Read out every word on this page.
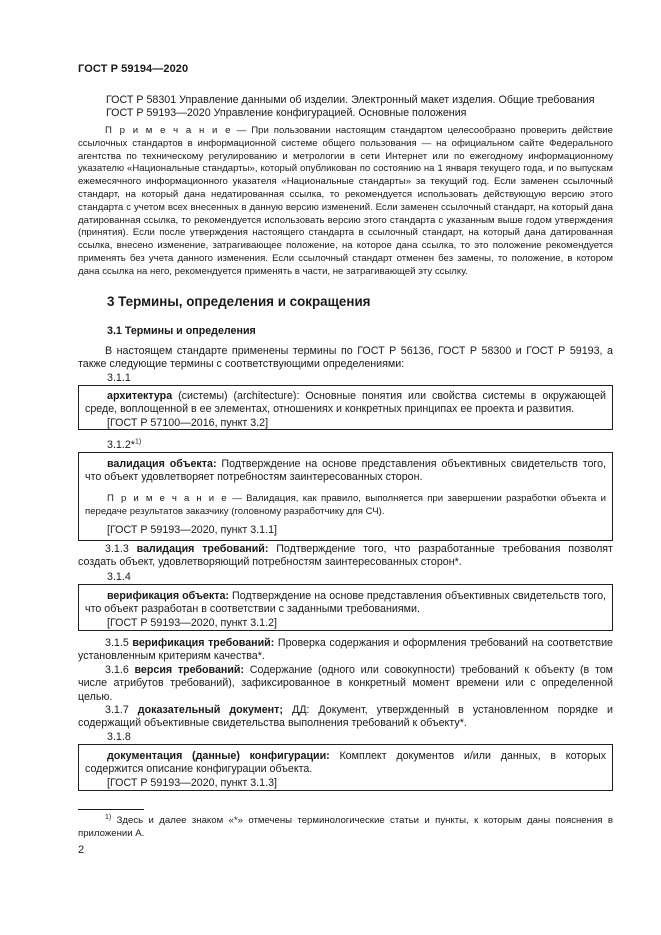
ГОСТ Р 59194—2020
ГОСТ Р 58301 Управление данными об изделии. Электронный макет изделия. Общие требования
ГОСТ Р 59193—2020 Управление конфигурацией. Основные положения
П р и м е ч а н и е — При пользовании настоящим стандартом целесообразно проверить действие ссылочных стандартов в информационной системе общего пользования — на официальном сайте Федерального агентства по техническому регулированию и метрологии в сети Интернет или по ежегодному информационному указателю «Национальные стандарты», который опубликован по состоянию на 1 января текущего года, и по выпускам ежемесячного информационного указателя «Национальные стандарты» за текущий год. Если заменен ссылочный стандарт, на который дана недатированная ссылка, то рекомендуется использовать действующую версию этого стандарта с учетом всех внесенных в данную версию изменений. Если заменен ссылочный стандарт, на который дана датированная ссылка, то рекомендуется использовать версию этого стандарта с указанным выше годом утверждения (принятия). Если после утверждения настоящего стандарта в ссылочный стандарт, на который дана датированная ссылка, внесено изменение, затрагивающее положение, на которое дана ссылка, то это положение рекомендуется применять без учета данного изменения. Если ссылочный стандарт отменен без замены, то положение, в котором дана ссылка на него, рекомендуется применять в части, не затрагивающей эту ссылку.
3 Термины, определения и сокращения
3.1 Термины и определения
В настоящем стандарте применены термины по ГОСТ Р 56136, ГОСТ Р 58300 и ГОСТ Р 59193, а также следующие термины с соответствующими определениями:
3.1.1
архитектура (системы) (architecture): Основные понятия или свойства системы в окружающей среде, воплощенной в ее элементах, отношениях и конкретных принципах ее проекта и развития.
[ГОСТ Р 57100—2016, пункт 3.2]
3.1.2*$^{1)}$
валидация объекта: Подтверждение на основе представления объективных свидетельств того, что объект удовлетворяет потребностям заинтересованных сторон.
П р и м е ч а н и е — Валидация, как правило, выполняется при завершении разработки объекта и передаче результатов заказчику (головному разработчику для СЧ).
[ГОСТ Р 59193—2020, пункт 3.1.1]
3.1.3 валидация требований: Подтверждение того, что разработанные требования позволят создать объект, удовлетворяющий потребностям заинтересованных сторон*.
3.1.4
верификация объекта: Подтверждение на основе представления объективных свидетельств того, что объект разработан в соответствии с заданными требованиями.
[ГОСТ Р 59193—2020, пункт 3.1.2]
3.1.5 верификация требований: Проверка содержания и оформления требований на соответствие установленным критериям качества*.
3.1.6 версия требований: Содержание (одного или совокупности) требований к объекту (в том числе атрибутов требований), зафиксированное в конкретный момент времени или с определенной целью.
3.1.7 доказательный документ; ДД: Документ, утвержденный в установленном порядке и содержащий объективные свидетельства выполнения требований к объекту*.
3.1.8
документация (данные) конфигурации: Комплект документов и/или данных, в которых содержится описание конфигурации объекта.
[ГОСТ Р 59193—2020, пункт 3.1.3]
$^{1)}$ Здесь и далее знаком «*» отмечены терминологические статьи и пункты, к которым даны пояснения в приложении А.
2
